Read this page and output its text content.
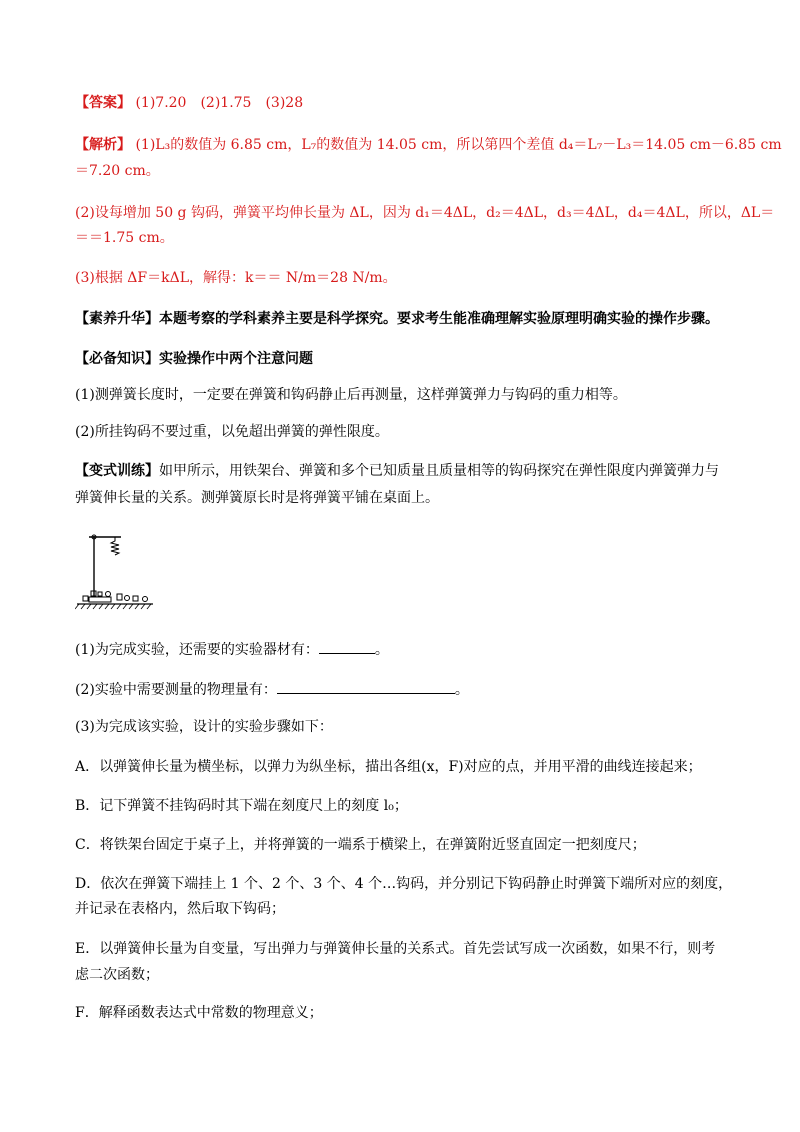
【答案】 (1)7.20　(2)1.75　(3)28
【解析】 (1)L₃的数值为 6.85 cm，L₇的数值为 14.05 cm，所以第四个差值 d₄＝L₇－L₃＝14.05 cm－6.85 cm
＝7.20 cm。
(2)设每增加 50 g 钩码，弹簧平均伸长量为 ΔL，因为 d₁＝4ΔL，d₂＝4ΔL，d₃＝4ΔL，d₄＝4ΔL，所以，ΔL＝
＝＝1.75 cm。
(3)根据 ΔF＝kΔL，解得：k＝＝ N/m＝28 N/m。
【素养升华】本题考察的学科素养主要是科学探究。要求考生能准确理解实验原理明确实验的操作步骤。
【必备知识】实验操作中两个注意问题
(1)测弹簧长度时，一定要在弹簧和钩码静止后再测量，这样弹簧弹力与钩码的重力相等。
(2)所挂钩码不要过重，以免超出弹簧的弹性限度。
【变式训练】如甲所示，用铁架台、弹簧和多个已知质量且质量相等的钩码探究在弹性限度内弹簧弹力与
弹簧伸长量的关系。测弹簧原长时是将弹簧平铺在桌面上。
(1)为完成实验，还需要的实验器材有：	。
(2)实验中需要测量的物理量有：	。
(3)为完成该实验，设计的实验步骤如下：
A．以弹簧伸长量为横坐标，以弹力为纵坐标，描出各组(x，F)对应的点，并用平滑的曲线连接起来；
B．记下弹簧不挂钩码时其下端在刻度尺上的刻度 l₀；
C．将铁架台固定于桌子上，并将弹簧的一端系于横梁上，在弹簧附近竖直固定一把刻度尺；
D．依次在弹簧下端挂上 1 个、2 个、3 个、4 个…钩码，并分别记下钩码静止时弹簧下端所对应的刻度，
并记录在表格内，然后取下钩码；
E．以弹簧伸长量为自变量，写出弹力与弹簧伸长量的关系式。首先尝试写成一次函数，如果不行，则考
虑二次函数；
F．解释函数表达式中常数的物理意义；
